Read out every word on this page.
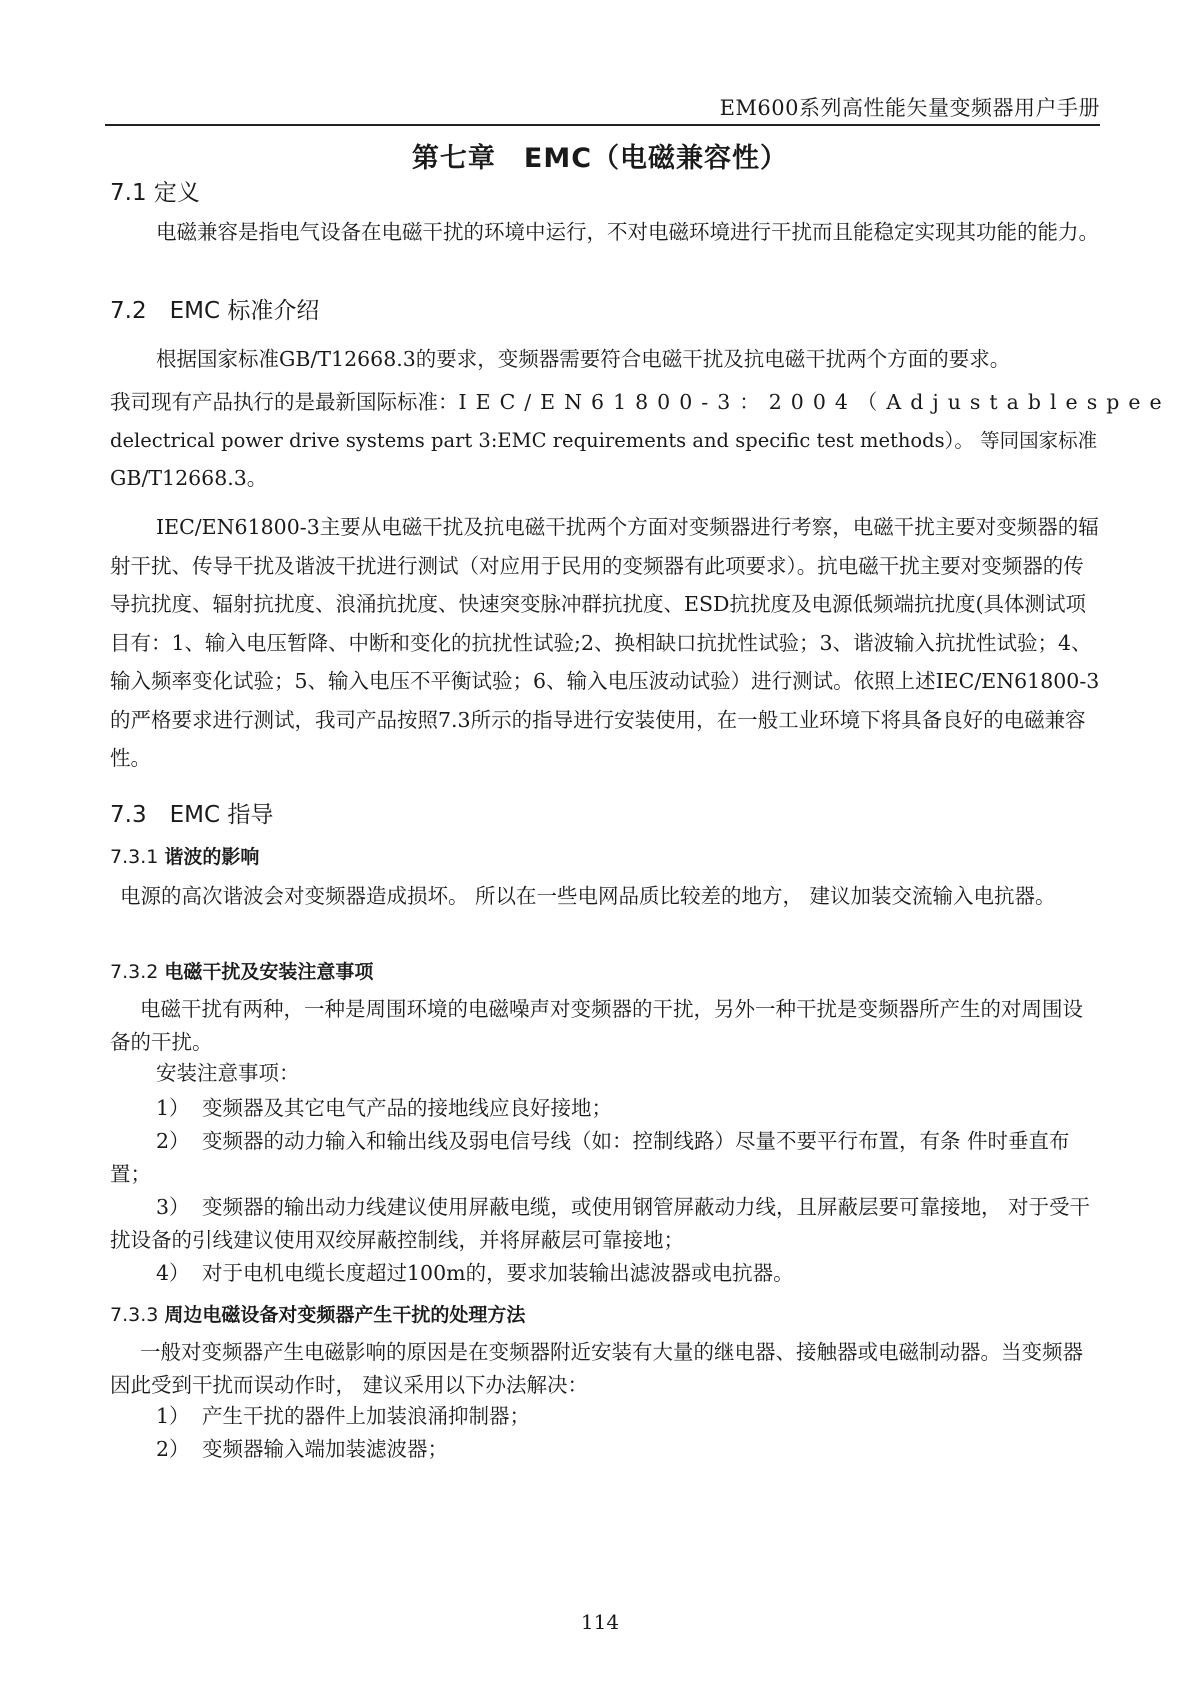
EM600系列高性能矢量变频器用户手册
第七章　EMC（电磁兼容性）
7.1 定义

电磁兼容是指电气设备在电磁干扰的环境中运行，不对电磁环境进行干扰而且能稳定实现其功能的能力。

7.2　EMC 标准介绍
根据国家标准GB/T12668.3的要求，变频器需要符合电磁干扰及抗电磁干扰两个方面的要求。
我司现有产品执行的是最新国际标准：IEC/EN61800-3：2004（Adjustablespee
delectrical power drive systems part 3:EMC requirements and specific test methods）。 等同国家标准
GB/T12668.3。

IEC/EN61800-3主要从电磁干扰及抗电磁干扰两个方面对变频器进行考察，电磁干扰主要对变频器的辐射干扰、传导干扰及谐波干扰进行测试（对应用于民用的变频器有此项要求）。抗电磁干扰主要对变频器的传导抗扰度、辐射抗扰度、浪涌抗扰度、快速突变脉冲群抗扰度、ESD抗扰度及电源低频端抗扰度(具体测试项目有：1、输入电压暂降、中断和变化的抗扰性试验;2、换相缺口抗扰性试验；3、谐波输入抗扰性试验；4、输入频率变化试验；5、输入电压不平衡试验；6、输入电压波动试验）进行测试。依照上述IEC/EN61800-3的严格要求进行测试，我司产品按照7.3所示的指导进行安装使用，在一般工业环境下将具备良好的电磁兼容性。

7.3　EMC 指导
7.3.1 谐波的影响

电源的高次谐波会对变频器造成损坏。 所以在一些电网品质比较差的地方， 建议加装交流输入电抗器。

7.3.2 电磁干扰及安装注意事项

电磁干扰有两种，一种是周围环境的电磁噪声对变频器的干扰，另外一种干扰是变频器所产生的对周围设备的干扰。

安装注意事项：

1） 变频器及其它电气产品的接地线应良好接地；

2） 变频器的动力输入和输出线及弱电信号线（如：控制线路）尽量不要平行布置，有条 件时垂直布置；

3） 变频器的输出动力线建议使用屏蔽电缆，或使用钢管屏蔽动力线，且屏蔽层要可靠接地， 对于受干扰设备的引线建议使用双绞屏蔽控制线，并将屏蔽层可靠接地；

4） 对于电机电缆长度超过100m的，要求加装输出滤波器或电抗器。

7.3.3 周边电磁设备对变频器产生干扰的处理方法

一般对变频器产生电磁影响的原因是在变频器附近安装有大量的继电器、接触器或电磁制动器。当变频器因此受到干扰而误动作时， 建议采用以下办法解决：

1） 产生干扰的器件上加装浪涌抑制器；

2） 变频器输入端加装滤波器；

114
